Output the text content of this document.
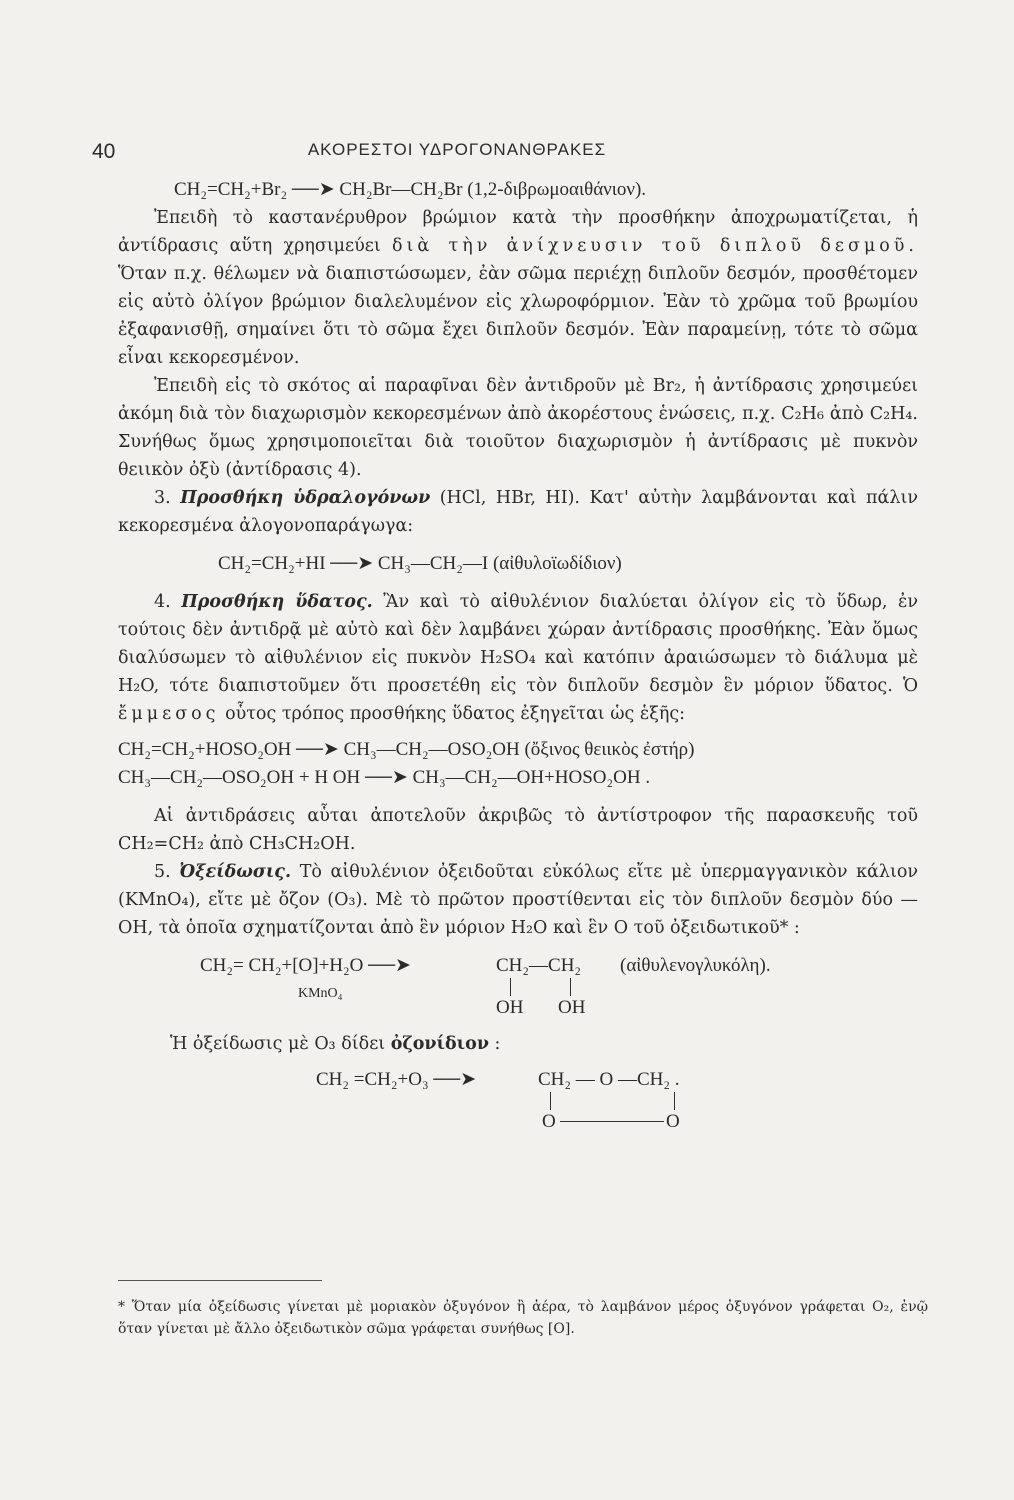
40	ΑΚΟΡΕΣΤΟΙ ΥΔΡΟΓΟΝΑΝΘΡΑΚΕΣ
CH₂=CH₂+Br₂ ──➤ CH₂Br—CH₂Br (1,2-διβρωμοαιθάνιον).

Ἐπειδὴ τὸ καστανέρυθρον βρώμιον κατὰ τὴν προσθήκην ἀποχρωματίζεται, ἡ ἀντίδρασις αὕτη χρησιμεύει διὰ τὴν ἀνίχνευσιν τοῦ διπλοῦ δεσμοῦ. Ὅταν π.χ. θέλωμεν νὰ διαπιστώσωμεν, ἐὰν σῶμα περιέχῃ διπλοῦν δεσμόν, προσθέτομεν εἰς αὐτὸ ὀλίγον βρώμιον διαλελυμένον εἰς χλωροφόρμιον. Ἐὰν τὸ χρῶμα τοῦ βρωμίου ἐξαφανισθῇ, σημαίνει ὅτι τὸ σῶμα ἔχει διπλοῦν δεσμόν. Ἐὰν παραμείνῃ, τότε τὸ σῶμα εἶναι κεκορεσμένον.

Ἐπειδὴ εἰς τὸ σκότος αἱ παραφῖναι δὲν ἀντιδροῦν μὲ Br₂, ἡ ἀντίδρασις χρησιμεύει ἀκόμη διὰ τὸν διαχωρισμὸν κεκορεσμένων ἀπὸ ἀκορέστους ἑνώσεις, π.χ. C₂H₆ ἀπὸ C₂H₄. Συνήθως ὅμως χρησιμοποιεῖται διὰ τοιοῦτον διαχωρισμὸν ἡ ἀντίδρασις μὲ πυκνὸν θειικὸν ὀξὺ (ἀντίδρασις 4).

3. Προσθήκη ὑδραλογόνων (HCl, HBr, HI). Κατ' αὐτὴν λαμβάνονται καὶ πάλιν κεκορεσμένα ἀλογονοπαράγωγα:

CH₂=CH₂+HI ──➤ CH₃—CH₂—I (αἰθυλοϊωδίδιον)

4. Προσθήκη ὕδατος. Ἂν καὶ τὸ αἰθυλένιον διαλύεται ὀλίγον εἰς τὸ ὕδωρ, ἐν τούτοις δὲν ἀντιδρᾷ μὲ αὐτὸ καὶ δὲν λαμβάνει χώραν ἀντίδρασις προσθήκης. Ἐὰν ὅμως διαλύσωμεν τὸ αἰθυλένιον εἰς πυκνὸν H₂SO₄ καὶ κατόπιν ἀραιώσωμεν τὸ διάλυμα μὲ H₂O, τότε διαπιστοῦμεν ὅτι προσετέθη εἰς τὸν διπλοῦν δεσμὸν ἓν μόριον ὕδατος. Ὁ ἔμμεσος οὗτος τρόπος προσθήκης ὕδατος ἐξηγεῖται ὡς ἑξῆς:

CH₂=CH₂+HOSO₂OH ──➤ CH₃—CH₂—OSO₂OH (ὄξινος θειικὸς ἐστήρ)
CH₃—CH₂—OSO₂OH + H OH ──➤ CH₃—CH₂—OH+HOSO₂OH .

Αἱ ἀντιδράσεις αὗται ἀποτελοῦν ἀκριβῶς τὸ ἀντίστροφον τῆς παρασκευῆς τοῦ CH₂=CH₂ ἀπὸ CH₃CH₂OH.

5. Ὀξείδωσις. Τὸ αἰθυλένιον ὀξειδοῦται εὐκόλως εἴτε μὲ ὑπερμαγγανικὸν κάλιον (KMnO₄), εἴτε μὲ ὄζον (O₃). Μὲ τὸ πρῶτον προστίθενται εἰς τὸν διπλοῦν δεσμὸν δύο —OH, τὰ ὁποῖα σχηματίζονται ἀπὸ ἓν μόριον H₂O καὶ ἓν O τοῦ ὀξειδωτικοῦ* :

CH₂= CH₂+[O]+H₂O ──➤
KMnO₄
CH₂—CH₂
OH OH
(αἰθυλενογλυκόλη).

Ἡ ὀξείδωσις μὲ O₃ δίδει ὀζονίδιον :

CH₂ =CH₂+O₃ ──➤	CH₂ — O —CH₂ .
O	O
* Ὅταν μία ὀξείδωσις γίνεται μὲ μοριακὸν ὀξυγόνον ἢ ἀέρα, τὸ λαμβάνον μέρος ὀξυγόνον γράφεται O₂, ἐνῷ ὅταν γίνεται μὲ ἄλλο ὀξειδωτικὸν σῶμα γράφεται συνήθως [O].
